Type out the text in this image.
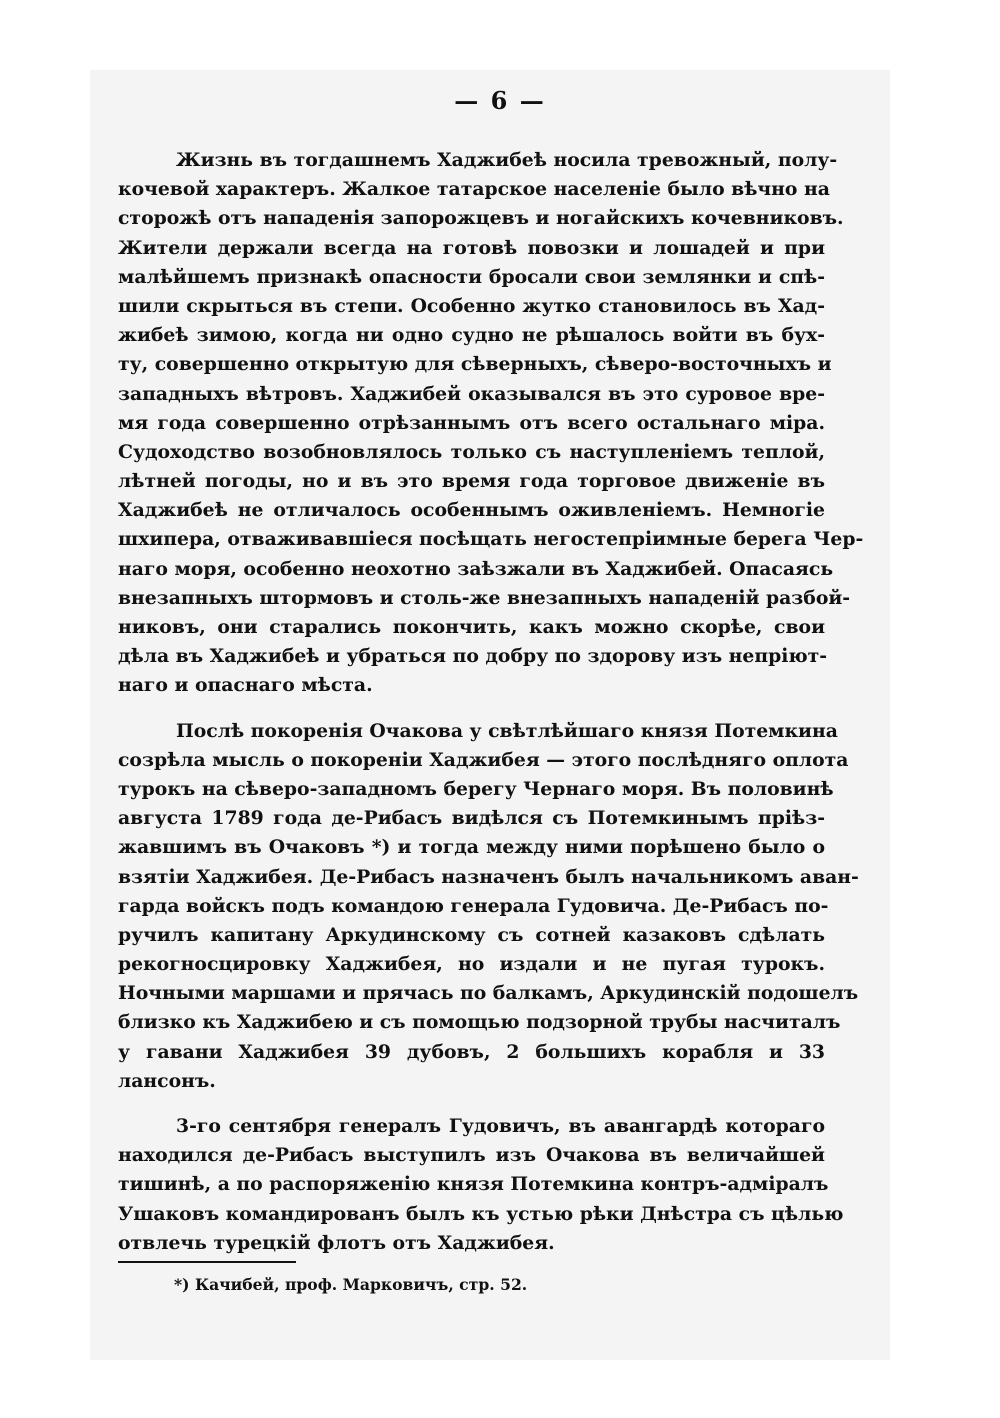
— 6 —
Жизнь въ тогдашнемъ Хаджибеѣ носила тревожный, полу-
кочевой характеръ. Жалкое татарское населеніе было вѣчно на
сторожѣ отъ нападенія запорожцевъ и ногайскихъ кочевниковъ.
Жители держали всегда на готовѣ повозки и лошадей и при
малѣйшемъ признакѣ опасности бросали свои землянки и спѣ-
шили скрыться въ степи. Особенно жутко становилось въ Хад-
жибеѣ зимою, когда ни одно судно не рѣшалось войти въ бух-
ту, совершенно открытую для сѣверныхъ, сѣверо-восточныхъ и
западныхъ вѣтровъ. Хаджибей оказывался въ это суровое вре-
мя года совершенно отрѣзаннымъ отъ всего остальнаго міра.
Судоходство возобновлялось только съ наступленіемъ теплой,
лѣтней погоды, но и въ это время года торговое движеніе въ
Хаджибеѣ не отличалось особеннымъ оживленіемъ. Немногіе
шхипера, отваживавшіеся посѣщать негостепріимные берега Чер-
наго моря, особенно неохотно заѣзжали въ Хаджибей. Опасаясь
внезапныхъ штормовъ и столь-же внезапныхъ нападеній разбой-
никовъ, они старались покончить, какъ можно скорѣе, свои
дѣла въ Хаджибеѣ и убраться по добру по здорову изъ непріют-
наго и опаснаго мѣста.
Послѣ покоренія Очакова у свѣтлѣйшаго князя Потемкина
созрѣла мысль о покореніи Хаджибея — этого послѣдняго оплота
турокъ на сѣверо-западномъ берегу Чернаго моря. Въ половинѣ
августа 1789 года де-Рибасъ видѣлся съ Потемкинымъ пріѣз-
жавшимъ въ Очаковъ *) и тогда между ними порѣшено было о
взятіи Хаджибея. Де-Рибасъ назначенъ былъ начальникомъ аван-
гарда войскъ подъ командою генерала Гудовича. Де-Рибасъ по-
ручилъ капитану Аркудинскому съ сотней казаковъ сдѣлать
рекогносцировку Хаджибея, но издали и не пугая турокъ.
Ночными маршами и прячась по балкамъ, Аркудинскій подошелъ
близко къ Хаджибею и съ помощью подзорной трубы насчиталъ
у гавани Хаджибея 39 дубовъ, 2 большихъ корабля и 33
лансонъ.
3-го сентября генералъ Гудовичъ, въ авангардѣ котораго
находился де-Рибасъ выступилъ изъ Очакова въ величайшей
тишинѣ, а по распоряженію князя Потемкина контръ-адміралъ
Ушаковъ командированъ былъ къ устью рѣки Днѣстра съ цѣлью
отвлечь турецкій флотъ отъ Хаджибея.
*) Качибей, проф. Марковичъ, стр. 52.
